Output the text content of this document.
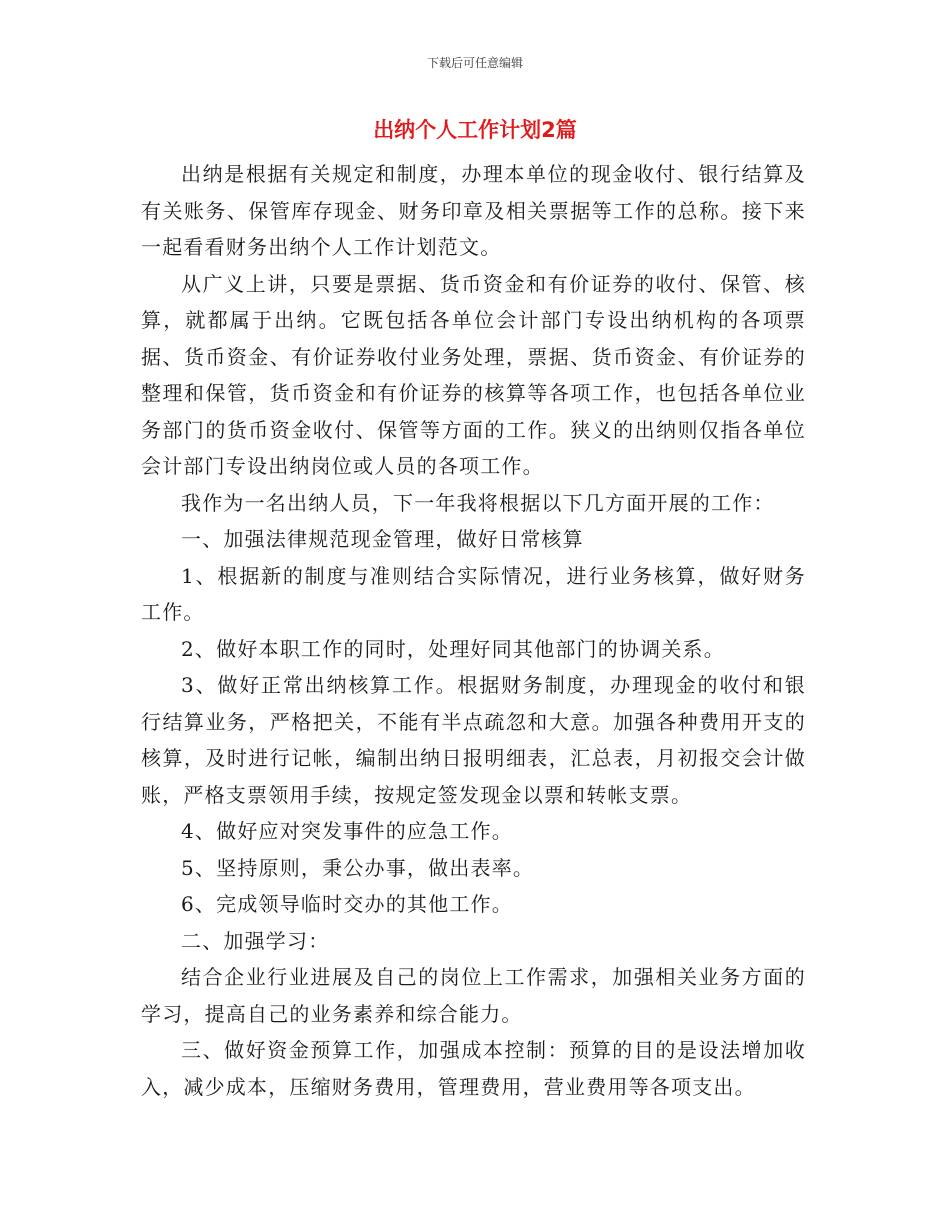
下载后可任意编辑
出纳个人工作计划2篇

出纳是根据有关规定和制度，办理本单位的现金收付、银行结算及有关账务、保管库存现金、财务印章及相关票据等工作的总称。接下来一起看看财务出纳个人工作计划范文。

从广义上讲，只要是票据、货币资金和有价证券的收付、保管、核算，就都属于出纳。它既包括各单位会计部门专设出纳机构的各项票据、货币资金、有价证券收付业务处理，票据、货币资金、有价证券的整理和保管，货币资金和有价证券的核算等各项工作，也包括各单位业务部门的货币资金收付、保管等方面的工作。狭义的出纳则仅指各单位会计部门专设出纳岗位或人员的各项工作。

我作为一名出纳人员，下一年我将根据以下几方面开展的工作：

一、加强法律规范现金管理，做好日常核算

1、根据新的制度与准则结合实际情况，进行业务核算，做好财务工作。

2、做好本职工作的同时，处理好同其他部门的协调关系。

3、做好正常出纳核算工作。根据财务制度，办理现金的收付和银行结算业务，严格把关，不能有半点疏忽和大意。加强各种费用开支的核算，及时进行记帐，编制出纳日报明细表，汇总表，月初报交会计做账，严格支票领用手续，按规定签发现金以票和转帐支票。

4、做好应对突发事件的应急工作。

5、坚持原则，秉公办事，做出表率。

6、完成领导临时交办的其他工作。

二、加强学习：

结合企业行业进展及自己的岗位上工作需求，加强相关业务方面的学习，提高自己的业务素养和综合能力。

三、做好资金预算工作，加强成本控制：预算的目的是设法增加收入，减少成本，压缩财务费用，管理费用，营业费用等各项支出。
